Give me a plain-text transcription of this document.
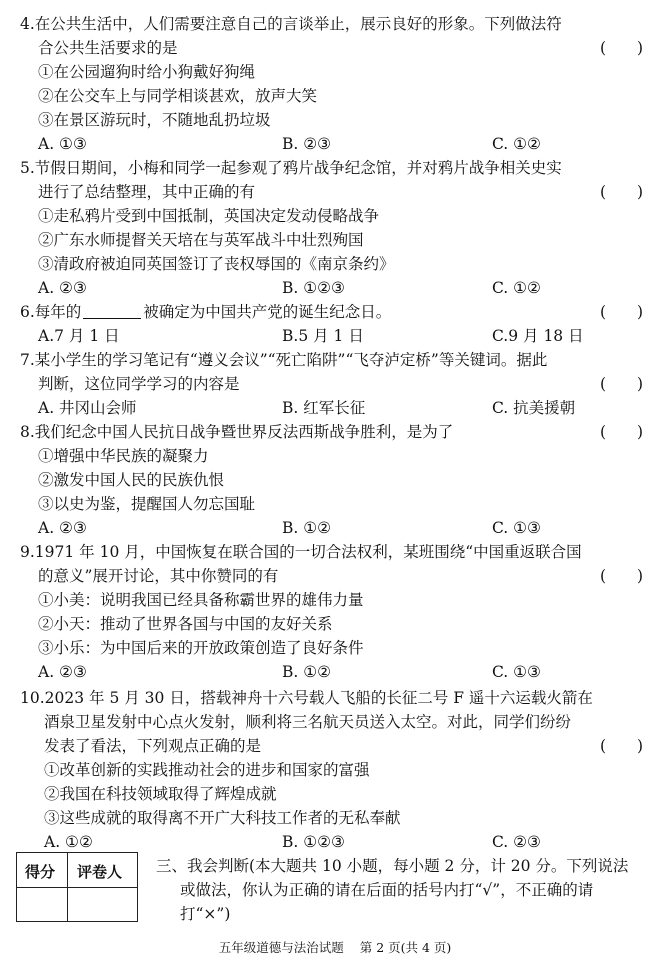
4.在公共生活中，人们需要注意自己的言谈举止，展示良好的形象。下列做法符
合公共生活要求的是	(　　)
①在公园遛狗时给小狗戴好狗绳
②在公交车上与同学相谈甚欢，放声大笑
③在景区游玩时，不随地乱扔垃圾
A. ①③	B. ②③	C. ①②
5.节假日期间，小梅和同学一起参观了鸦片战争纪念馆，并对鸦片战争相关史实
进行了总结整理，其中正确的有	(　　)
①走私鸦片受到中国抵制，英国决定发动侵略战争
②广东水师提督关天培在与英军战斗中壮烈殉国
③清政府被迫同英国签订了丧权辱国的《南京条约》
A. ②③	B. ①②③	C. ①②
6.每年的	被确定为中国共产党的诞生纪念日。	(　　)
A.7 月 1 日	B.5 月 1 日	C.9 月 18 日
7.某小学生的学习笔记有“遵义会议”“死亡陷阱”“飞夺泸定桥”等关键词。据此
判断，这位同学学习的内容是	(　　)
A. 井冈山会师	B. 红军长征	C. 抗美援朝
8.我们纪念中国人民抗日战争暨世界反法西斯战争胜利，是为了	(　　)
①增强中华民族的凝聚力
②激发中国人民的民族仇恨
③以史为鉴，提醒国人勿忘国耻
A. ②③	B. ①②	C. ①③
9.1971 年 10 月，中国恢复在联合国的一切合法权利，某班围绕“中国重返联合国
的意义”展开讨论，其中你赞同的有	(　　)
①小美：说明我国已经具备称霸世界的雄伟力量
②小天：推动了世界各国与中国的友好关系
③小乐：为中国后来的开放政策创造了良好条件
A. ②③	B. ①②	C. ①③
10.2023 年 5 月 30 日，搭载神舟十六号载人飞船的长征二号 F 遥十六运载火箭在
酒泉卫星发射中心点火发射，顺利将三名航天员送入太空。对此，同学们纷纷
发表了看法，下列观点正确的是	(　　)
①改革创新的实践推动社会的进步和国家的富强
②我国在科技领域取得了辉煌成就
③这些成就的取得离不开广大科技工作者的无私奉献
A. ①②	B. ①②③	C. ②③
得分 评卷人 三、我会判断(本大题共 10 小题，每小题 2 分，计 20 分。下列说法
或做法，你认为正确的请在后面的括号内打“√”，不正确的请
打“×”)
五年级道德与法治试题 第 2 页(共 4 页)
